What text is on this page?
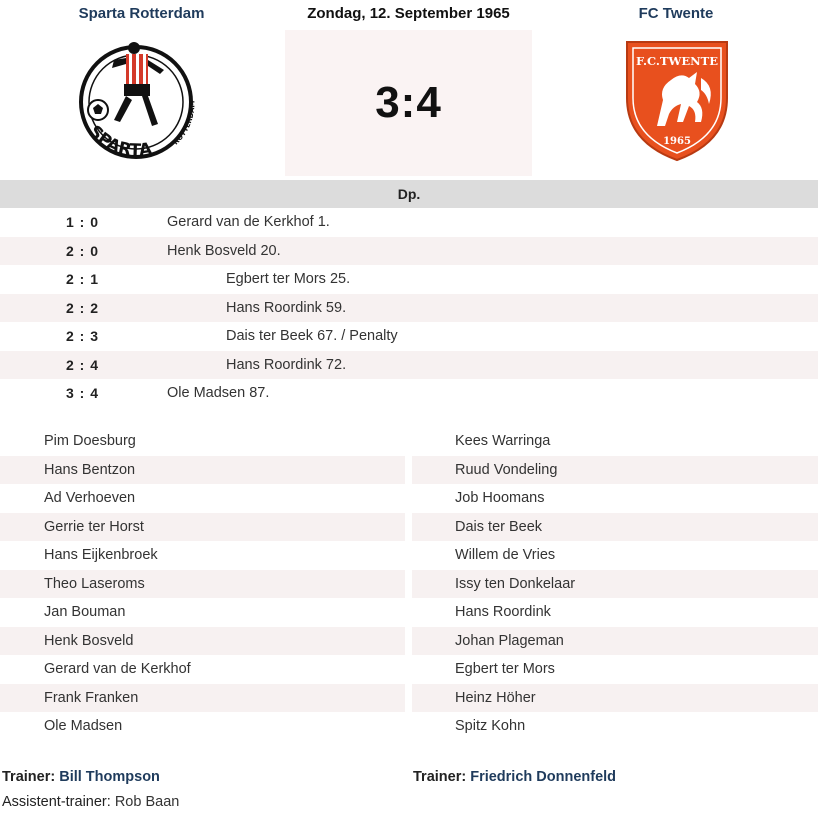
Sparta Rotterdam	Zondag, 12. September 1965	FC Twente
SPARTA	ROTTERDAM	3:4
F.C.TWENTE
1965
Dp.
1 : 0	Gerard van de Kerkhof 1.
2 : 0	Henk Bosveld 20.
2 : 1	Egbert ter Mors 25.
2 : 2	Hans Roordink 59.
2 : 3	Dais ter Beek 67. / Penalty
2 : 4	Hans Roordink 72.
3 : 4	Ole Madsen 87.
Pim Doesburg	Kees Warringa
Hans Bentzon	Ruud Vondeling
Ad Verhoeven	Job Hoomans
Gerrie ter Horst	Dais ter Beek
Hans Eijkenbroek	Willem de Vries
Theo Laseroms	Issy ten Donkelaar
Jan Bouman	Hans Roordink
Henk Bosveld	Johan Plageman
Gerard van de Kerkhof	Egbert ter Mors
Frank Franken	Heinz Höher
Ole Madsen	Spitz Kohn
Trainer: Bill Thompson	Trainer: Friedrich Donnenfeld
Assistent-trainer: Rob Baan
